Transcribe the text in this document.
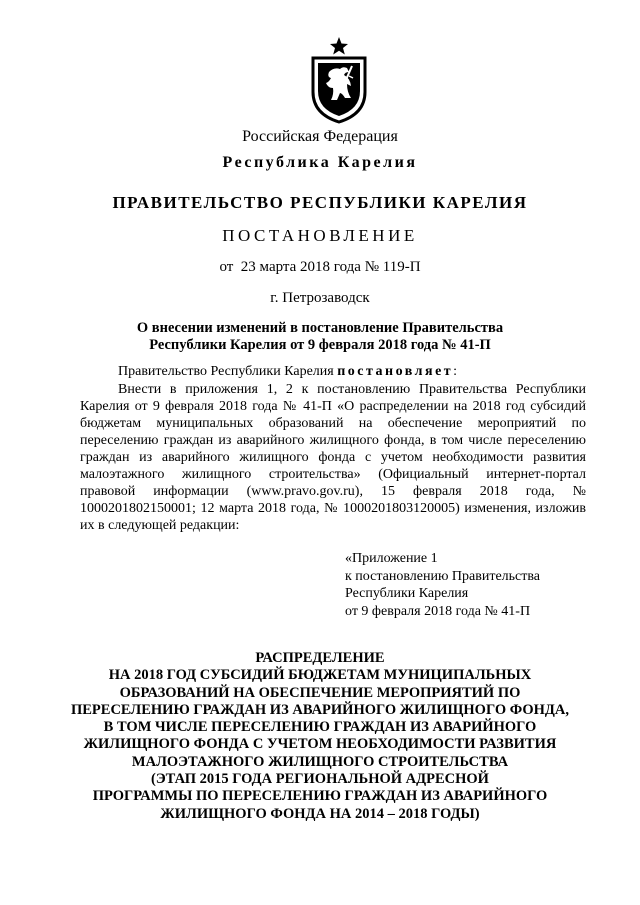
Российская Федерация
Республика Карелия
ПРАВИТЕЛЬСТВО РЕСПУБЛИКИ КАРЕЛИЯ
ПОСТАНОВЛЕНИЕ
от  23 марта 2018 года № 119-П
г. Петрозаводск
О внесении изменений в постановление Правительства
Республики Карелия от 9 февраля 2018 года № 41-П
Правительство Республики Карелия постановляет:
Внести в приложения 1, 2 к постановлению Правительства Республики Карелия от 9 февраля 2018 года № 41-П «О распределении на 2018 год субсидий бюджетам муниципальных образований на обеспечение мероприятий по переселению граждан из аварийного жилищного фонда, в том числе переселению граждан из аварийного жилищного фонда с учетом необходимости развития малоэтажного жилищного строительства» (Официальный интернет-портал правовой информации (www.pravo.gov.ru), 15 февраля 2018 года, № 1000201802150001; 12 марта 2018 года, № 1000201803120005) изменения, изложив их в следующей редакции:
«Приложение 1
к постановлению Правительства
Республики Карелия
от 9 февраля 2018 года № 41-П
РАСПРЕДЕЛЕНИЕ
НА 2018 ГОД СУБСИДИЙ БЮДЖЕТАМ МУНИЦИПАЛЬНЫХ
ОБРАЗОВАНИЙ НА ОБЕСПЕЧЕНИЕ МЕРОПРИЯТИЙ ПО
ПЕРЕСЕЛЕНИЮ ГРАЖДАН ИЗ АВАРИЙНОГО ЖИЛИЩНОГО ФОНДА,
В ТОМ ЧИСЛЕ ПЕРЕСЕЛЕНИЮ ГРАЖДАН ИЗ АВАРИЙНОГО
ЖИЛИЩНОГО ФОНДА С УЧЕТОМ НЕОБХОДИМОСТИ РАЗВИТИЯ
МАЛОЭТАЖНОГО ЖИЛИЩНОГО СТРОИТЕЛЬСТВА
(ЭТАП 2015 ГОДА РЕГИОНАЛЬНОЙ АДРЕСНОЙ
ПРОГРАММЫ ПО ПЕРЕСЕЛЕНИЮ ГРАЖДАН ИЗ АВАРИЙНОГО
ЖИЛИЩНОГО ФОНДА НА 2014 – 2018 ГОДЫ)
